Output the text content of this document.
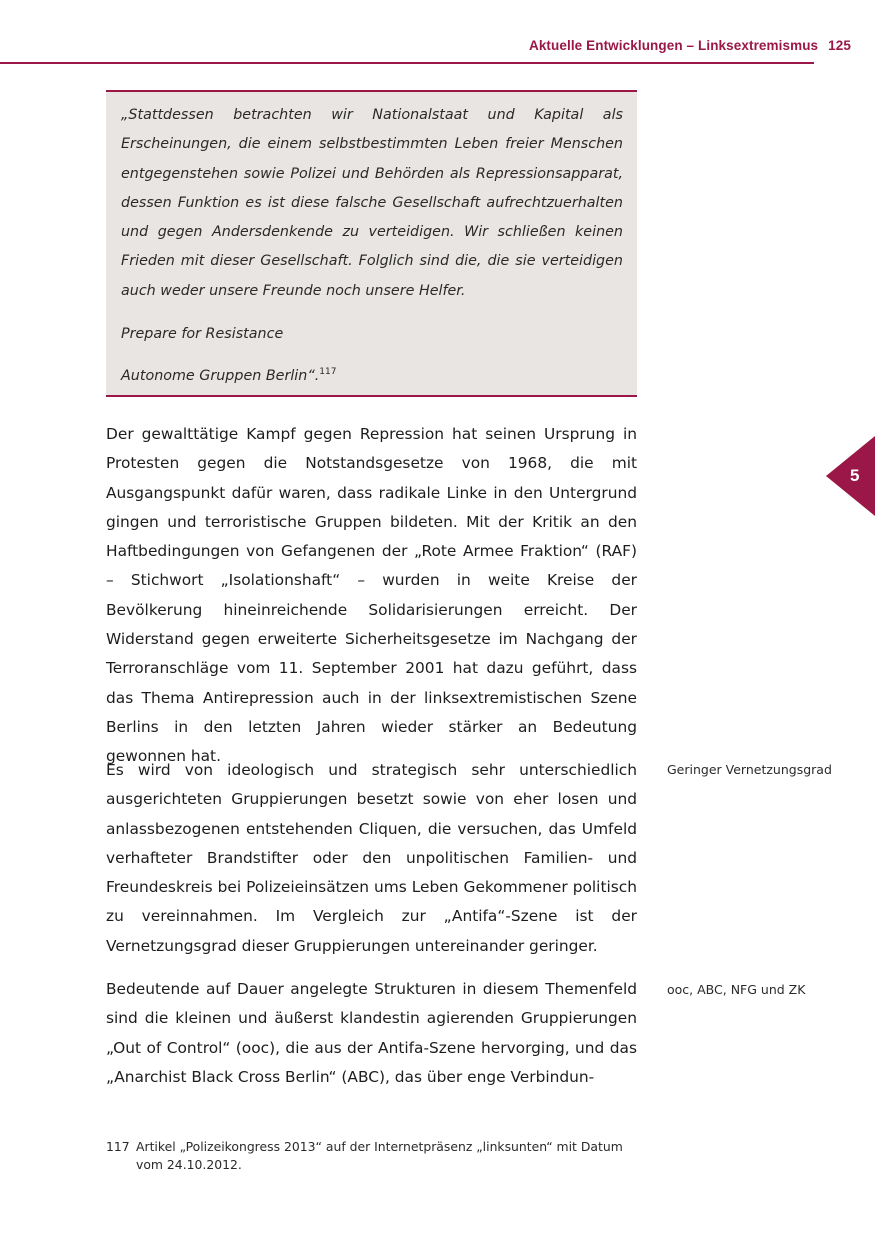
Aktuelle Entwicklungen – Linksextremismus 125

„Stattdessen betrachten wir Nationalstaat und Kapital als Erscheinungen, die einem selbstbestimmten Leben freier Menschen entgegenstehen sowie Polizei und Behörden als Repressionsapparat, dessen Funktion es ist diese falsche Gesellschaft aufrechtzuerhalten und gegen Andersdenkende zu verteidigen. Wir schließen keinen Frieden mit dieser Gesellschaft. Folglich sind die, die sie verteidigen auch weder unsere Freunde noch unsere Helfer.

Prepare for Resistance

Autonome Gruppen Berlin“.$^{117}$

Der gewalttätige Kampf gegen Repression hat seinen Ursprung in Protesten gegen die Notstandsgesetze von 1968, die mit Ausgangspunkt dafür waren, dass radikale Linke in den Untergrund gingen und terroristische Gruppen bildeten. Mit der Kritik an den Haftbedingungen von Gefangenen der „Rote Armee Fraktion“ (RAF) – Stichwort „Isolationshaft“ – wurden in weite Kreise der Bevölkerung hineinreichende Solidarisierungen erreicht. Der Widerstand gegen erweiterte Sicherheitsgesetze im Nachgang der Terroranschläge vom 11. September 2001 hat dazu geführt, dass das Thema Antirepression auch in der linksextremistischen Szene Berlins in den letzten Jahren wieder stärker an Bedeutung gewonnen hat.

Es wird von ideologisch und strategisch sehr unterschiedlich ausgerichteten Gruppierungen besetzt sowie von eher losen und anlassbezogenen entstehenden Cliquen, die versuchen, das Umfeld verhafteter Brandstifter oder den unpolitischen Familien- und Freundeskreis bei Polizeieinsätzen ums Leben Gekommener politisch zu vereinnahmen. Im Vergleich zur „Antifa“-Szene ist der Vernetzungsgrad dieser Gruppierungen untereinander geringer.

Bedeutende auf Dauer angelegte Strukturen in diesem Themenfeld sind die kleinen und äußerst klandestin agierenden Gruppierungen „Out of Control“ (ooc), die aus der Antifa-Szene hervorging, und das „Anarchist Black Cross Berlin“ (ABC), das über enge Verbindun-

Geringer Vernetzungsgrad
ooc, ABC, NFG und ZK
5
117 Artikel „Polizeikongress 2013“ auf der Internetpräsenz „linksunten“ mit Datum vom 24.10.2012.
